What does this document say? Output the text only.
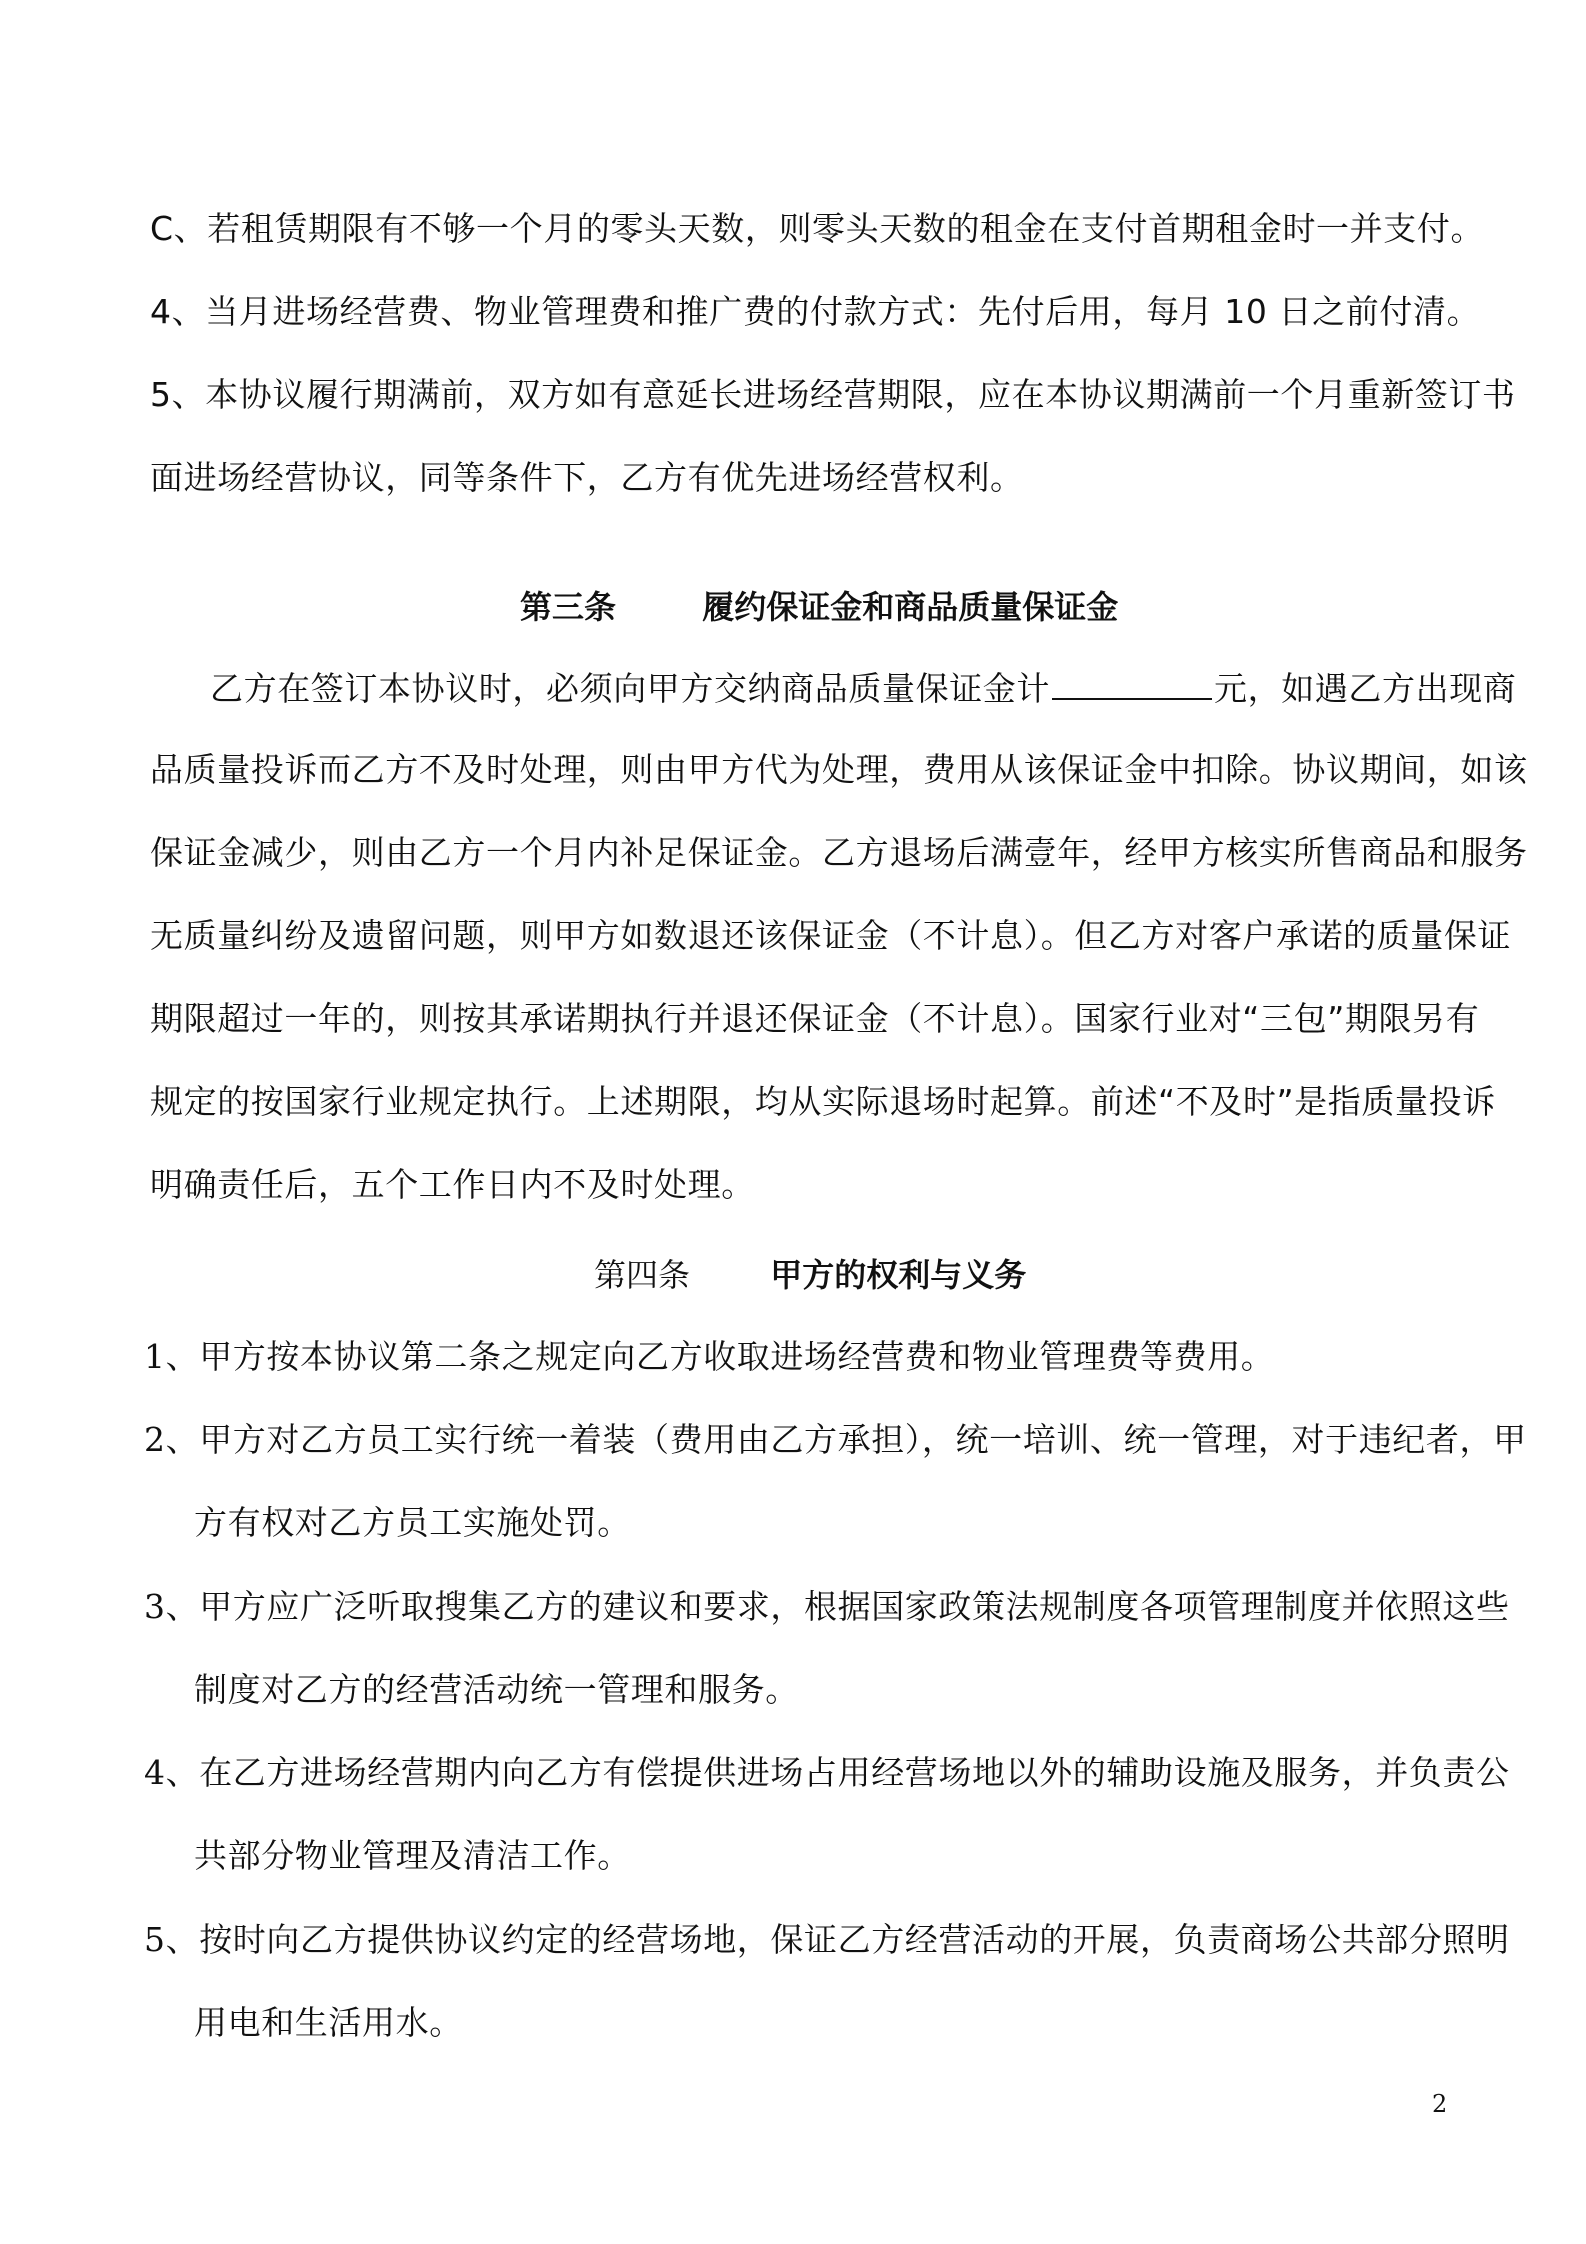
C、若租赁期限有不够一个月的零头天数，则零头天数的租金在支付首期租金时一并支付。
4、当月进场经营费、物业管理费和推广费的付款方式：先付后用，每月 10 日之前付清。
5、本协议履行期满前，双方如有意延长进场经营期限，应在本协议期满前一个月重新签订书
面进场经营协议，同等条件下，乙方有优先进场经营权利。
第三条	履约保证金和商品质量保证金
乙方在签订本协议时，必须向甲方交纳商品质量保证金计	元，如遇乙方出现商
品质量投诉而乙方不及时处理，则由甲方代为处理，费用从该保证金中扣除。协议期间，如该
保证金减少，则由乙方一个月内补足保证金。乙方退场后满壹年，经甲方核实所售商品和服务
无质量纠纷及遗留问题，则甲方如数退还该保证金（不计息）。但乙方对客户承诺的质量保证
期限超过一年的，则按其承诺期执行并退还保证金（不计息）。国家行业对“三包”期限另有
规定的按国家行业规定执行。上述期限，均从实际退场时起算。前述“不及时”是指质量投诉
明确责任后，五个工作日内不及时处理。
第四条	甲方的权利与义务
1、甲方按本协议第二条之规定向乙方收取进场经营费和物业管理费等费用。
2、甲方对乙方员工实行统一着装（费用由乙方承担），统一培训、统一管理，对于违纪者，甲
方有权对乙方员工实施处罚。
3、甲方应广泛听取搜集乙方的建议和要求，根据国家政策法规制度各项管理制度并依照这些
制度对乙方的经营活动统一管理和服务。
4、在乙方进场经营期内向乙方有偿提供进场占用经营场地以外的辅助设施及服务，并负责公
共部分物业管理及清洁工作。
5、按时向乙方提供协议约定的经营场地，保证乙方经营活动的开展，负责商场公共部分照明
用电和生活用水。
2
